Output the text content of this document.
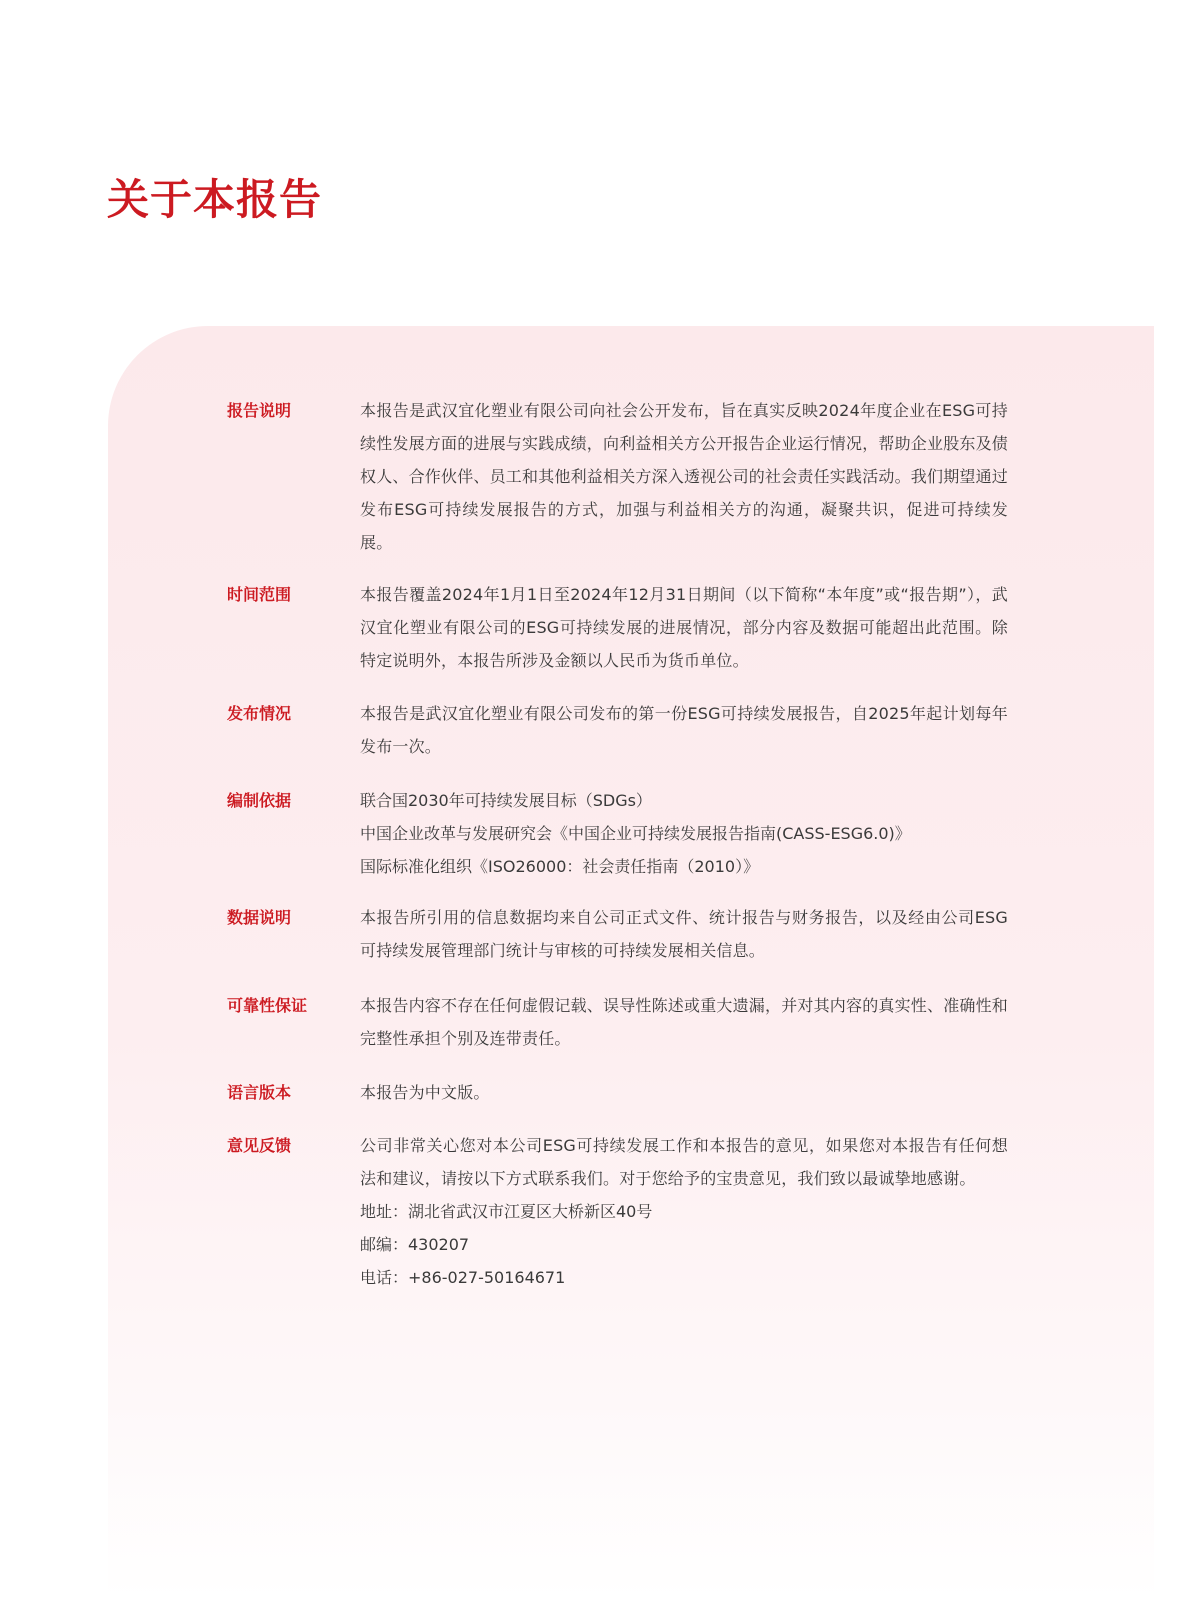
关于本报告
报告说明	本报告是武汉宜化塑业有限公司向社会公开发布，旨在真实反映2024年度企业在ESG可持续性发展方面的进展与实践成绩，向利益相关方公开报告企业运行情况，帮助企业股东及债权人、合作伙伴、员工和其他利益相关方深入透视公司的社会责任实践活动。我们期望通过发布ESG可持续发展报告的方式，加强与利益相关方的沟通，凝聚共识，促进可持续发展。

时间范围	本报告覆盖2024年1月1日至2024年12月31日期间（以下简称“本年度”或“报告期”），武汉宜化塑业有限公司的ESG可持续发展的进展情况，部分内容及数据可能超出此范围。除特定说明外，本报告所涉及金额以人民币为货币单位。

发布情况	本报告是武汉宜化塑业有限公司发布的第一份ESG可持续发展报告，自2025年起计划每年发布一次。

编制依据	联合国2030年可持续发展目标（SDGs）

中国企业改革与发展研究会《中国企业可持续发展报告指南(CASS-ESG6.0)》

国际标准化组织《ISO26000：社会责任指南（2010）》

数据说明	本报告所引用的信息数据均来自公司正式文件、统计报告与财务报告，以及经由公司ESG可持续发展管理部门统计与审核的可持续发展相关信息。

可靠性保证	本报告内容不存在任何虚假记载、误导性陈述或重大遗漏，并对其内容的真实性、准确性和完整性承担个别及连带责任。

语言版本	本报告为中文版。

意见反馈	公司非常关心您对本公司ESG可持续发展工作和本报告的意见，如果您对本报告有任何想法和建议，请按以下方式联系我们。对于您给予的宝贵意见，我们致以最诚挚地感谢。

地址：湖北省武汉市江夏区大桥新区40号

邮编：430207

电话：+86-027-50164671
